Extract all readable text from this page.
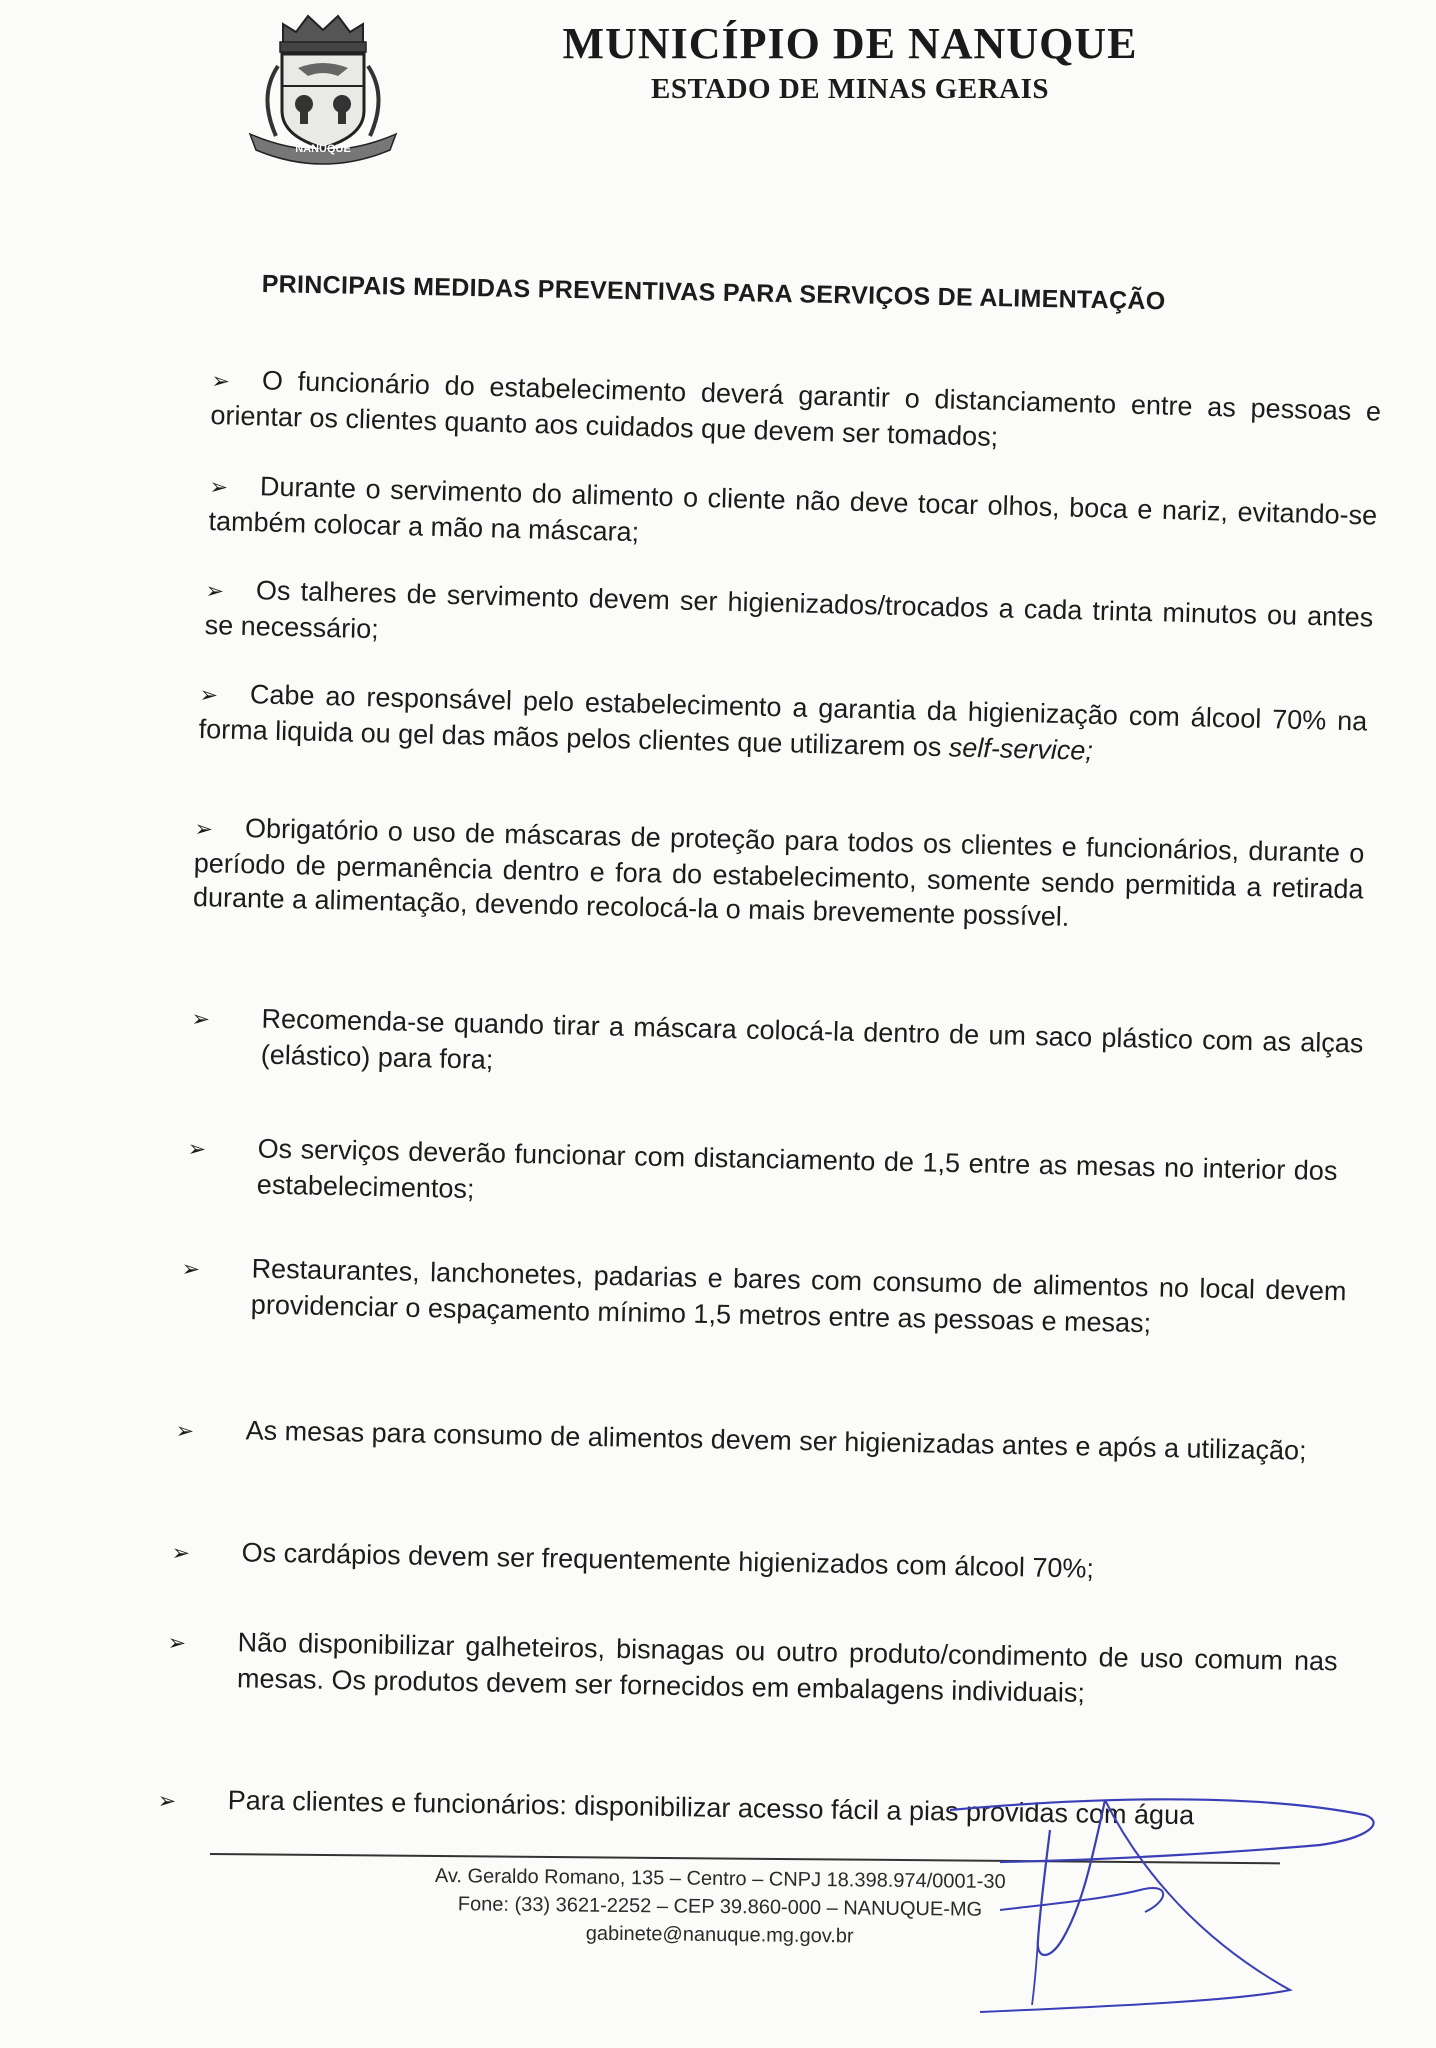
NANUQUE
MUNICÍPIO DE NANUQUE
ESTADO DE MINAS GERAIS
PRINCIPAIS MEDIDAS PREVENTIVAS PARA SERVIÇOS DE ALIMENTAÇÃO
➢ O funcionário do estabelecimento deverá garantir o distanciamento entre as pessoas e orientar os clientes quanto aos cuidados que devem ser tomados;
➢ Durante o servimento do alimento o cliente não deve tocar olhos, boca e nariz, evitando-se também colocar a mão na máscara;
➢ Os talheres de servimento devem ser higienizados/trocados a cada trinta minutos ou antes se necessário;
➢ Cabe ao responsável pelo estabelecimento a garantia da higienização com álcool 70% na forma liquida ou gel das mãos pelos clientes que utilizarem os self-service;
➢ Obrigatório o uso de máscaras de proteção para todos os clientes e funcionários, durante o período de permanência dentro e fora do estabelecimento, somente sendo permitida a retirada durante a alimentação, devendo recolocá-la o mais brevemente possível.
➢ Recomenda-se quando tirar a máscara colocá-la dentro de um saco plástico com as alças (elástico) para fora;
➢ Os serviços deverão funcionar com distanciamento de 1,5 entre as mesas no interior dos estabelecimentos;
➢ Restaurantes, lanchonetes, padarias e bares com consumo de alimentos no local devem providenciar o espaçamento mínimo 1,5 metros entre as pessoas e mesas;
➢ As mesas para consumo de alimentos devem ser higienizadas antes e após a utilização;
➢ Os cardápios devem ser frequentemente higienizados com álcool 70%;
➢ Não disponibilizar galheteiros, bisnagas ou outro produto/condimento de uso comum nas mesas. Os produtos devem ser fornecidos em embalagens individuais;
➢ Para clientes e funcionários: disponibilizar acesso fácil a pias providas com água
Av. Geraldo Romano, 135 – Centro – CNPJ 18.398.974/0001-30
Fone: (33) 3621-2252 – CEP 39.860-000 – NANUQUE-MG
gabinete@nanuque.mg.gov.br
